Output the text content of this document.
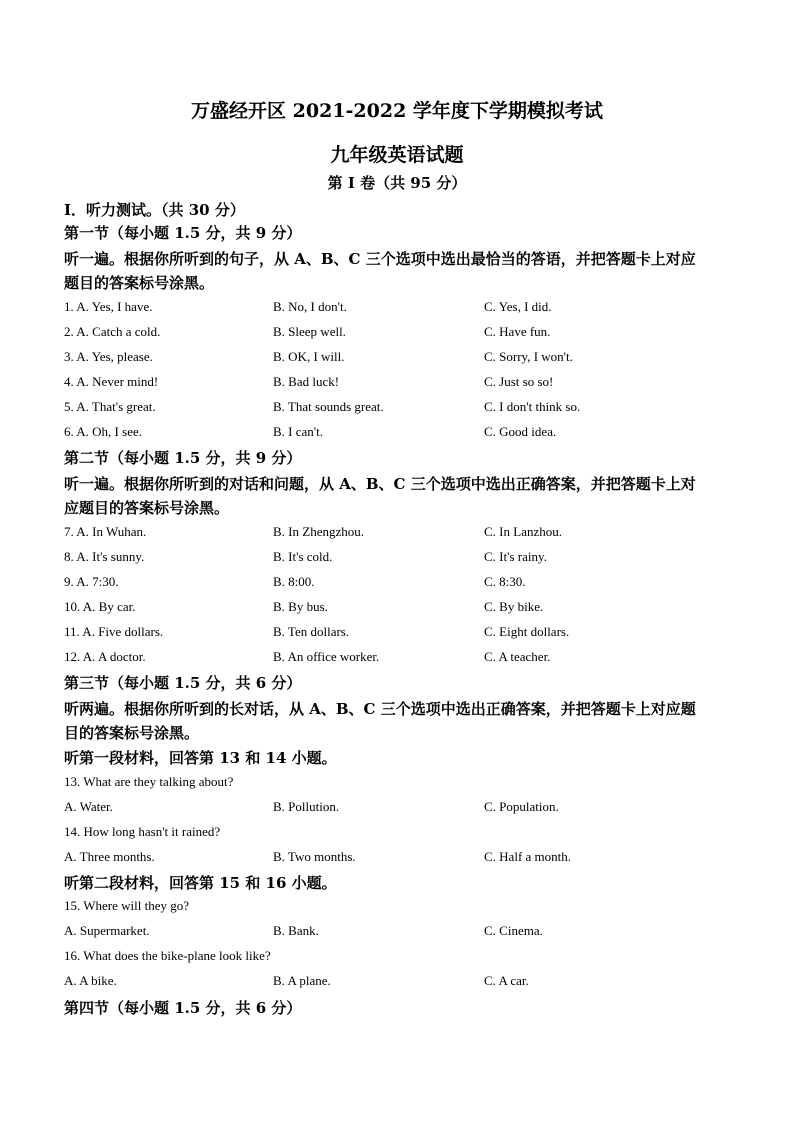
万盛经开区 2021-2022 学年度下学期模拟考试
九年级英语试题
第 I 卷（共 95 分）
Ⅰ．听力测试。（共 30 分）
第一节（每小题 1.5 分，共 9 分）
听一遍。根据你所听到的句子，从 A、B、C 三个选项中选出最恰当的答语，并把答题卡上对应
题目的答案标号涂黑。
1. A. Yes, I have.	B. No, I don't.	C. Yes, I did.
2. A. Catch a cold.	B. Sleep well.	C. Have fun.
3. A. Yes, please.	B. OK, I will.	C. Sorry, I won't.
4. A. Never mind!	B. Bad luck!	C. Just so so!
5. A. That's great.	B. That sounds great.	C. I don't think so.
6. A. Oh, I see.	B. I can't.	C. Good idea.
第二节（每小题 1.5 分，共 9 分）
听一遍。根据你所听到的对话和问题，从 A、B、C 三个选项中选出正确答案，并把答题卡上对
应题目的答案标号涂黑。
7. A. In Wuhan.	B. In Zhengzhou.	C. In Lanzhou.
8. A. It's sunny.	B. It's cold.	C. It's rainy.
9. A. 7:30.	B. 8:00.	C. 8:30.
10. A. By car.	B. By bus.	C. By bike.
11. A. Five dollars.	B. Ten dollars.	C. Eight dollars.
12. A. A doctor.	B. An office worker.	C. A teacher.
第三节（每小题 1.5 分，共 6 分）
听两遍。根据你所听到的长对话，从 A、B、C 三个选项中选出正确答案，并把答题卡上对应题
目的答案标号涂黑。
听第一段材料，回答第 13 和 14 小题。
13. What are they talking about?
A. Water.	B. Pollution.	C. Population.
14. How long hasn't it rained?
A. Three months.	B. Two months.	C. Half a month.
听第二段材料，回答第 15 和 16 小题。
15. Where will they go?
A. Supermarket.	B. Bank.	C. Cinema.
16. What does the bike-plane look like?
A. A bike.	B. A plane.	C. A car.
第四节（每小题 1.5 分，共 6 分）
